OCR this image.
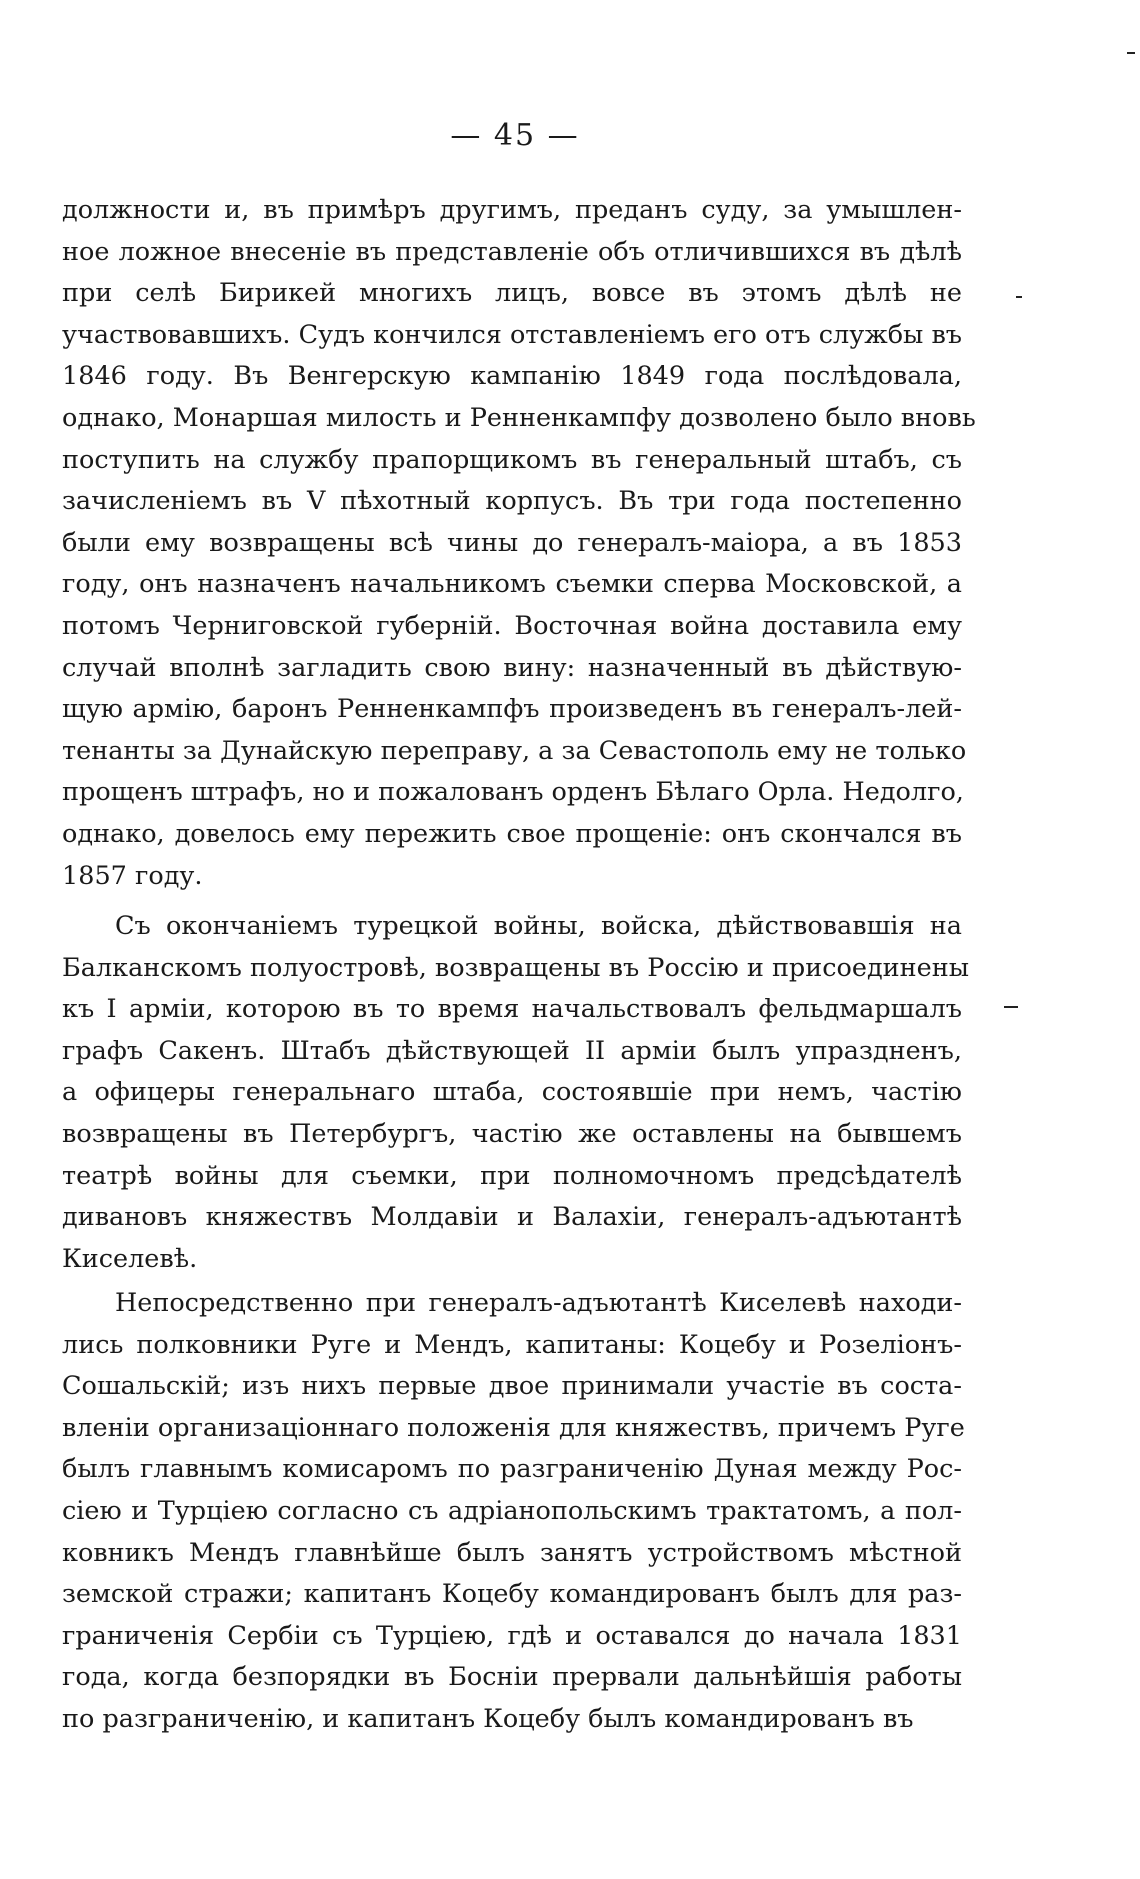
— 45 —
должности и, въ примѣръ другимъ, преданъ суду, за умышлен-
ное ложное внесеніе въ представленіе объ отличившихся въ дѣлѣ
при селѣ Бирикей многихъ лицъ, вовсе въ этомъ дѣлѣ не
участвовавшихъ. Судъ кончился отставленіемъ его отъ службы въ
1846 году. Въ Венгерскую кампанію 1849 года послѣдовала,
однако, Монаршая милость и Ренненкампфу дозволено было вновь
поступить на службу прапорщикомъ въ генеральный штабъ, съ
зачисленіемъ въ V пѣхотный корпусъ. Въ три года постепенно
были ему возвращены всѣ чины до генералъ-маіора, а въ 1853
году, онъ назначенъ начальникомъ съемки сперва Московской, а
потомъ Черниговской губерній. Восточная война доставила ему
случай вполнѣ загладить свою вину: назначенный въ дѣйствую-
щую армію, баронъ Ренненкампфъ произведенъ въ генералъ-лей-
тенанты за Дунайскую переправу, а за Севастополь ему не только
прощенъ штрафъ, но и пожалованъ орденъ Бѣлаго Орла. Недолго,
однако, довелось ему пережить свое прощеніе: онъ скончался въ
1857 году.
Съ окончаніемъ турецкой войны, войска, дѣйствовавшія на
Балканскомъ полуостровѣ, возвращены въ Россію и присоединены
къ I арміи, которою въ то время начальствовалъ фельдмаршалъ
графъ Сакенъ. Штабъ дѣйствующей II арміи былъ упраздненъ,
а офицеры генеральнаго штаба, состоявшіе при немъ, частію
возвращены въ Петербургъ, частію же оставлены на бывшемъ
театрѣ войны для съемки, при полномочномъ предсѣдателѣ
дивановъ княжествъ Молдавіи и Валахіи, генералъ-адъютантѣ
Киселевѣ.
Непосредственно при генералъ-адъютантѣ Киселевѣ находи-
лись полковники Руге и Мендъ, капитаны: Коцебу и Розеліонъ-
Сошальскій; изъ нихъ первые двое принимали участіе въ соста-
вленіи организаціоннаго положенія для княжествъ, причемъ Руге
былъ главнымъ комисаромъ по разграниченію Дуная между Рос-
сіею и Турціею согласно съ адріанопольскимъ трактатомъ, а пол-
ковникъ Мендъ главнѣйше былъ занятъ устройствомъ мѣстной
земской стражи; капитанъ Коцебу командированъ былъ для раз-
граниченія Сербіи съ Турціею, гдѣ и оставался до начала 1831
года, когда безпорядки въ Босніи прервали дальнѣйшія работы
по разграниченію, и капитанъ Коцебу былъ командированъ въ
